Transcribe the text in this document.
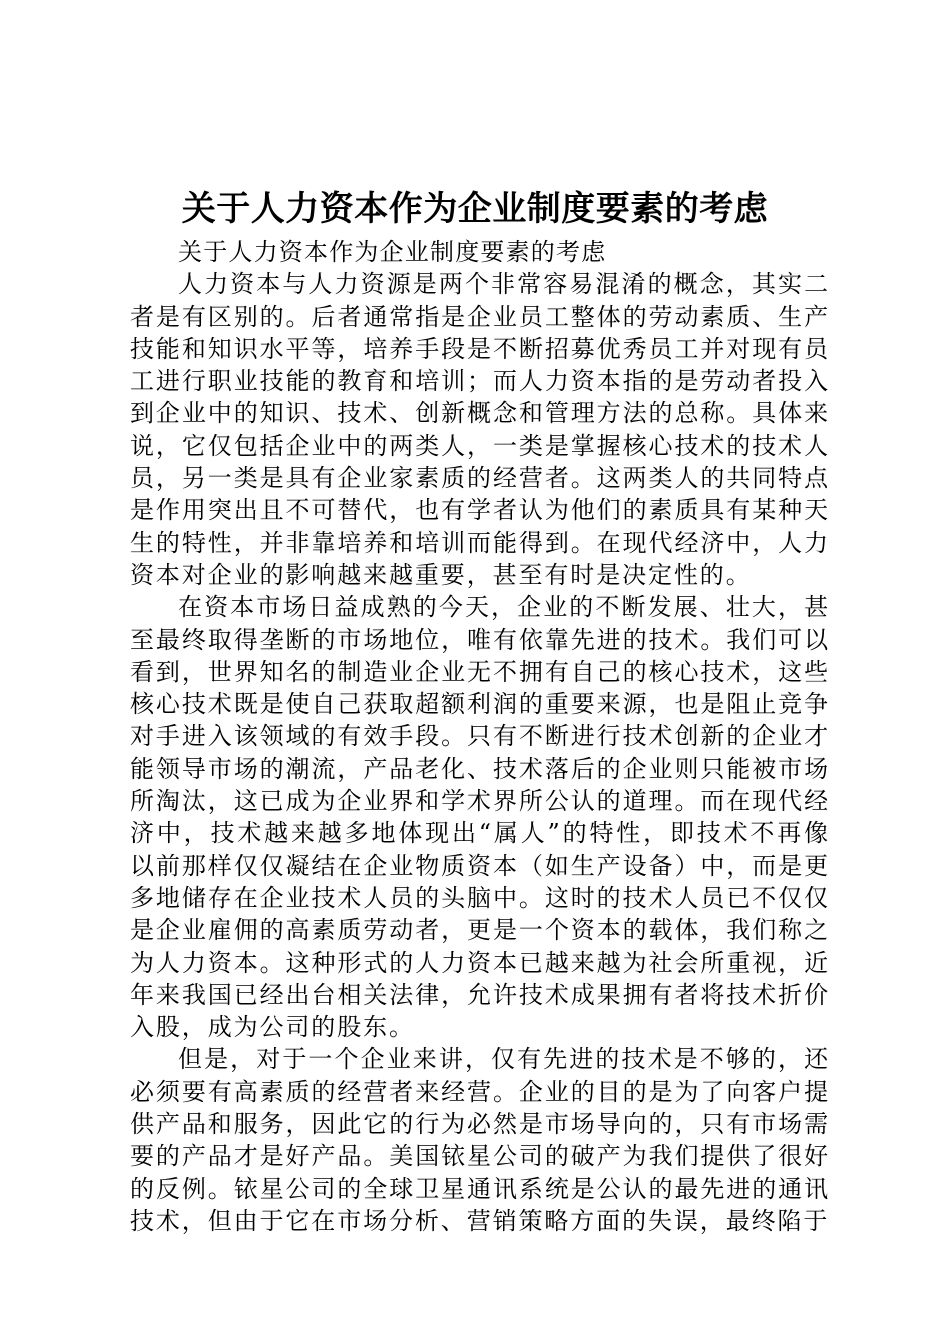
关于人力资本作为企业制度要素的考虑

关于人力资本作为企业制度要素的考虑

人力资本与人力资源是两个非常容易混淆的概念，其实二者是有区别的。后者通常指是企业员工整体的劳动素质、生产技能和知识水平等，培养手段是不断招募优秀员工并对现有员工进行职业技能的教育和培训；而人力资本指的是劳动者投入到企业中的知识、技术、创新概念和管理方法的总称。具体来说，它仅包括企业中的两类人，一类是掌握核心技术的技术人员，另一类是具有企业家素质的经营者。这两类人的共同特点是作用突出且不可替代，也有学者认为他们的素质具有某种天生的特性，并非靠培养和培训而能得到。在现代经济中，人力资本对企业的影响越来越重要，甚至有时是决定性的。

在资本市场日益成熟的今天，企业的不断发展、壮大，甚至最终取得垄断的市场地位，唯有依靠先进的技术。我们可以看到，世界知名的制造业企业无不拥有自己的核心技术，这些核心技术既是使自己获取超额利润的重要来源，也是阻止竞争对手进入该领域的有效手段。只有不断进行技术创新的企业才能领导市场的潮流，产品老化、技术落后的企业则只能被市场所淘汰，这已成为企业界和学术界所公认的道理。而在现代经济中，技术越来越多地体现出“属人”的特性，即技术不再像以前那样仅仅凝结在企业物质资本（如生产设备）中，而是更多地储存在企业技术人员的头脑中。这时的技术人员已不仅仅是企业雇佣的高素质劳动者，更是一个资本的载体，我们称之为人力资本。这种形式的人力资本已越来越为社会所重视，近年来我国已经出台相关法律，允许技术成果拥有者将技术折价入股，成为公司的股东。

但是，对于一个企业来讲，仅有先进的技术是不够的，还必须要有高素质的经营者来经营。企业的目的是为了向客户提供产品和服务，因此它的行为必然是市场导向的，只有市场需要的产品才是好产品。美国铱星公司的破产为我们提供了很好的反例。铱星公司的全球卫星通讯系统是公认的最先进的通讯技术，但由于它在市场分析、营销策略方面的失误，最终陷于
